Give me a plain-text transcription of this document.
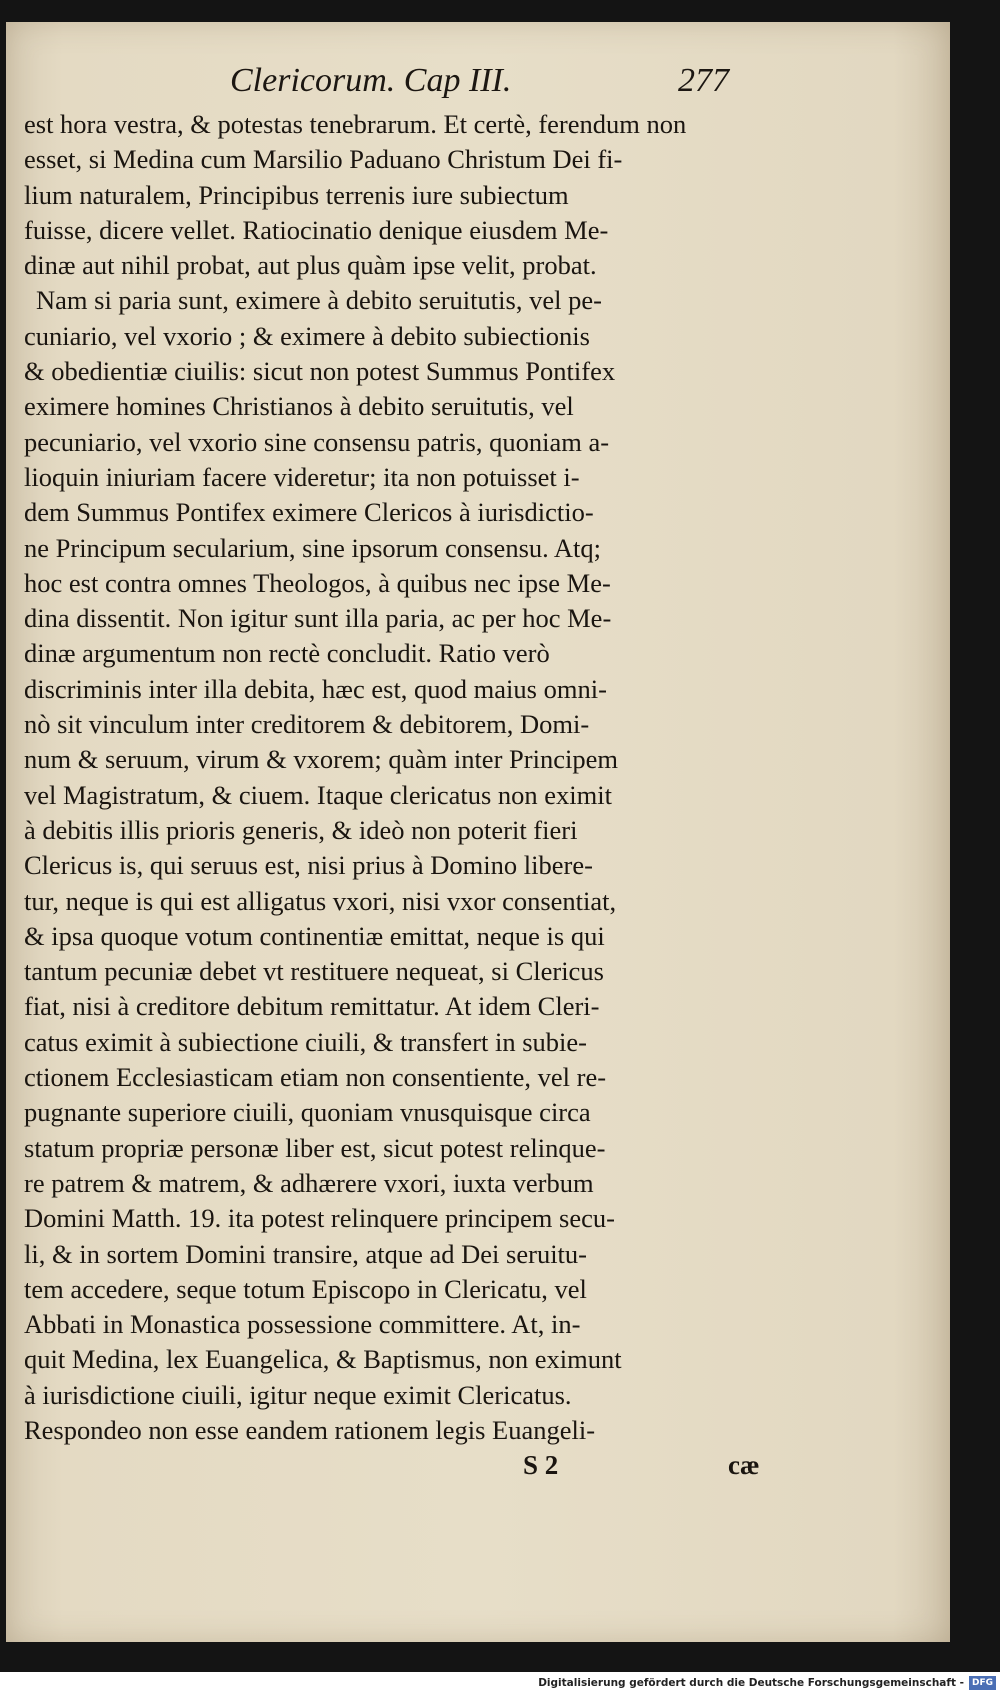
Clericorum. Cap III.	277
est hora vestra, & potestas tenebrarum. Et certè, ferendum non
esset, si Medina cum Marsilio Paduano Christum Dei fi-
lium naturalem, Principibus terrenis iure subiectum
fuisse, dicere vellet. Ratiocinatio denique eiusdem Me-
dinæ aut nihil probat, aut plus quàm ipse velit, probat.
Nam si paria sunt, eximere à debito seruitutis, vel pe-
cuniario, vel vxorio ; & eximere à debito subiectionis
& obedientiæ ciuilis: sicut non potest Summus Pontifex
eximere homines Christianos à debito seruitutis, vel
pecuniario, vel vxorio sine consensu patris, quoniam a-
lioquin iniuriam facere videretur; ita non potuisset i-
dem Summus Pontifex eximere Clericos à iurisdictio-
ne Principum secularium, sine ipsorum consensu. Atq;
hoc est contra omnes Theologos, à quibus nec ipse Me-
dina dissentit. Non igitur sunt illa paria, ac per hoc Me-
dinæ argumentum non rectè concludit. Ratio verò
discriminis inter illa debita, hæc est, quod maius omni-
nò sit vinculum inter creditorem & debitorem, Domi-
num & seruum, virum & vxorem; quàm inter Principem
vel Magistratum, & ciuem. Itaque clericatus non eximit
à debitis illis prioris generis, & ideò non poterit fieri
Clericus is, qui seruus est, nisi prius à Domino libere-
tur, neque is qui est alligatus vxori, nisi vxor consentiat,
& ipsa quoque votum continentiæ emittat, neque is qui
tantum pecuniæ debet vt restituere nequeat, si Clericus
fiat, nisi à creditore debitum remittatur. At idem Cleri-
catus eximit à subiectione ciuili, & transfert in subie-
ctionem Ecclesiasticam etiam non consentiente, vel re-
pugnante superiore ciuili, quoniam vnusquisque circa
statum propriæ personæ liber est, sicut potest relinque-
re patrem & matrem, & adhærere vxori, iuxta verbum
Domini Matth. 19. ita potest relinquere principem secu-
li, & in sortem Domini transire, atque ad Dei seruitu-
tem accedere, seque totum Episcopo in Clericatu, vel
Abbati in Monastica possessione committere. At, in-
quit Medina, lex Euangelica, & Baptismus, non eximunt
à iurisdictione ciuili, igitur neque eximit Clericatus.
Respondeo non esse eandem rationem legis Euangeli-
S 2	cæ
Digitalisierung gefördert durch die Deutsche Forschungsgemeinschaft - DFG
